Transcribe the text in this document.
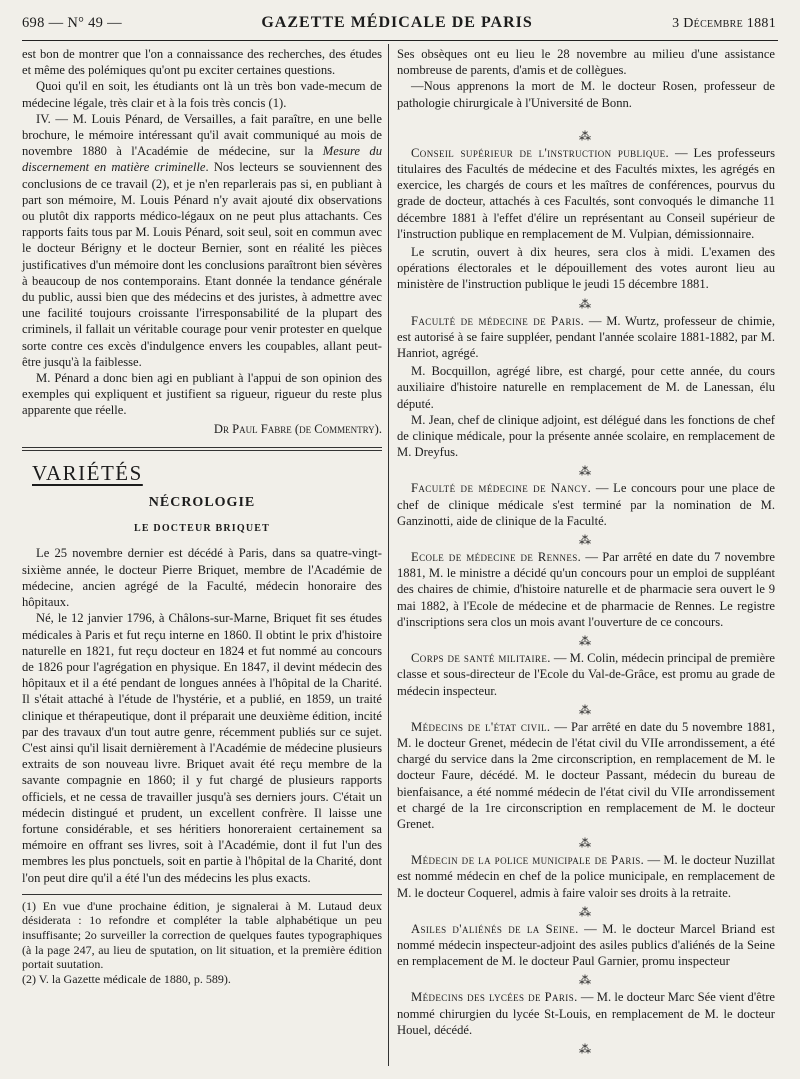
698 — N° 49 —	GAZETTE MÉDICALE DE PARIS	3 Décembre 1881

est bon de montrer que l'on a connaissance des recherches, des études et même des polémiques qu'ont pu exciter certaines questions.

Quoi qu'il en soit, les étudiants ont là un très bon vade-mecum de médecine légale, très clair et à la fois très concis (1).

IV. — M. Louis Pénard, de Versailles, a fait paraître, en une belle brochure, le mémoire intéressant qu'il avait communiqué au mois de novembre 1880 à l'Académie de médecine, sur la Mesure du discernement en matière criminelle. Nos lecteurs se souviennent des conclusions de ce travail (2), et je n'en reparlerais pas si, en publiant à part son mémoire, M. Louis Pénard n'y avait ajouté dix observations ou plutôt dix rapports médico-légaux on ne peut plus attachants. Ces rapports faits tous par M. Louis Pénard, soit seul, soit en commun avec le docteur Bérigny et le docteur Bernier, sont en réalité les pièces justificatives d'un mémoire dont les conclusions paraîtront bien sévères à beaucoup de nos contemporains. Etant donnée la tendance générale du public, aussi bien que des médecins et des juristes, à admettre avec une facilité toujours croissante l'irresponsabilité de la plupart des criminels, il fallait un véritable courage pour venir protester en quelque sorte contre ces excès d'indulgence envers les coupables, allant peut-être jusqu'à la faiblesse.

M. Pénard a donc bien agi en publiant à l'appui de son opinion des exemples qui expliquent et justifient sa rigueur, rigueur du reste plus apparente que réelle.

Dr Paul Fabre (de Commentry).
VARIÉTÉS
NÉCROLOGIE
LE DOCTEUR BRIQUET

Le 25 novembre dernier est décédé à Paris, dans sa quatre-vingt-sixième année, le docteur Pierre Briquet, membre de l'Académie de médecine, ancien agrégé de la Faculté, médecin honoraire des hôpitaux.

Né, le 12 janvier 1796, à Châlons-sur-Marne, Briquet fit ses études médicales à Paris et fut reçu interne en 1860. Il obtint le prix d'histoire naturelle en 1821, fut reçu docteur en 1824 et fut nommé au concours de 1826 pour l'agrégation en physique. En 1847, il devint médecin des hôpitaux et il a été pendant de longues années à l'hôpital de la Charité. Il s'était attaché à l'étude de l'hystérie, et a publié, en 1859, un traité clinique et thérapeutique, dont il préparait une deuxième édition, incité par des travaux d'un tout autre genre, récemment publiés sur ce sujet. C'est ainsi qu'il lisait dernièrement à l'Académie de médecine plusieurs extraits de son nouveau livre. Briquet avait été reçu membre de la savante compagnie en 1860; il y fut chargé de plusieurs rapports officiels, et ne cessa de travailler jusqu'à ses derniers jours. C'était un médecin distingué et prudent, un excellent confrère. Il laisse une fortune considérable, et ses héritiers honoreraient certainement sa mémoire en offrant ses livres, soit à l'Académie, dont il fut l'un des membres les plus ponctuels, soit en partie à l'hôpital de la Charité, dont l'on peut dire qu'il a été l'un des médecins les plus exacts.

(1) En vue d'une prochaine édition, je signalerai à M. Lutaud deux désiderata : 1o refondre et compléter la table alphabétique un peu insuffisante; 2o surveiller la correction de quelques fautes typographiques (à la page 247, au lieu de sputation, on lit situation, et la première édition portait suutation.

(2) V. la Gazette médicale de 1880, p. 589).

Ses obsèques ont eu lieu le 28 novembre au milieu d'une assistance nombreuse de parents, d'amis et de collègues.

—Nous apprenons la mort de M. le docteur Rosen, professeur de pathologie chirurgicale à l'Université de Bonn.

⁂

Conseil supérieur de l'instruction publique. — Les professeurs titulaires des Facultés de médecine et des Facultés mixtes, les agrégés en exercice, les chargés de cours et les maîtres de conférences, pourvus du grade de docteur, attachés à ces Facultés, sont convoqués le dimanche 11 décembre 1881 à l'effet d'élire un représentant au Conseil supérieur de l'instruction publique en remplacement de M. Vulpian, démissionnaire.

Le scrutin, ouvert à dix heures, sera clos à midi. L'examen des opérations électorales et le dépouillement des votes auront lieu au ministère de l'instruction publique le jeudi 15 décembre 1881.

⁂

Faculté de médecine de Paris. — M. Wurtz, professeur de chimie, est autorisé à se faire suppléer, pendant l'année scolaire 1881-1882, par M. Hanriot, agrégé.

M. Bocquillon, agrégé libre, est chargé, pour cette année, du cours auxiliaire d'histoire naturelle en remplacement de M. de Lanessan, élu député.

M. Jean, chef de clinique adjoint, est délégué dans les fonctions de chef de clinique médicale, pour la présente année scolaire, en remplacement de M. Dreyfus.

⁂

Faculté de médecine de Nancy. — Le concours pour une place de chef de clinique médicale s'est terminé par la nomination de M. Ganzinotti, aide de clinique de la Faculté.

⁂

Ecole de médecine de Rennes. — Par arrêté en date du 7 novembre 1881, M. le ministre a décidé qu'un concours pour un emploi de suppléant des chaires de chimie, d'histoire naturelle et de pharmacie sera ouvert le 9 mai 1882, à l'Ecole de médecine et de pharmacie de Rennes. Le registre d'inscriptions sera clos un mois avant l'ouverture de ce concours.

⁂

Corps de santé militaire. — M. Colin, médecin principal de première classe et sous-directeur de l'Ecole du Val-de-Grâce, est promu au grade de médecin inspecteur.

⁂

Médecins de l'état civil. — Par arrêté en date du 5 novembre 1881, M. le docteur Grenet, médecin de l'état civil du VIIe arrondissement, a été chargé du service dans la 2me circonscription, en remplacement de M. le docteur Faure, décédé. M. le docteur Passant, médecin du bureau de bienfaisance, a été nommé médecin de l'état civil du VIIe arrondissement et chargé de la 1re circonscription en remplacement de M. le docteur Grenet.

⁂

Médecin de la police municipale de Paris. — M. le docteur Nuzillat est nommé médecin en chef de la police municipale, en remplacement de M. le docteur Coquerel, admis à faire valoir ses droits à la retraite.

⁂

Asiles d'aliénés de la Seine. — M. le docteur Marcel Briand est nommé médecin inspecteur-adjoint des asiles publics d'aliénés de la Seine en remplacement de M. le docteur Paul Garnier, promu inspecteur

⁂

Médecins des lycées de Paris. — M. le docteur Marc Sée vient d'être nommé chirurgien du lycée St-Louis, en remplacement de M. le docteur Houel, décédé.

⁂
